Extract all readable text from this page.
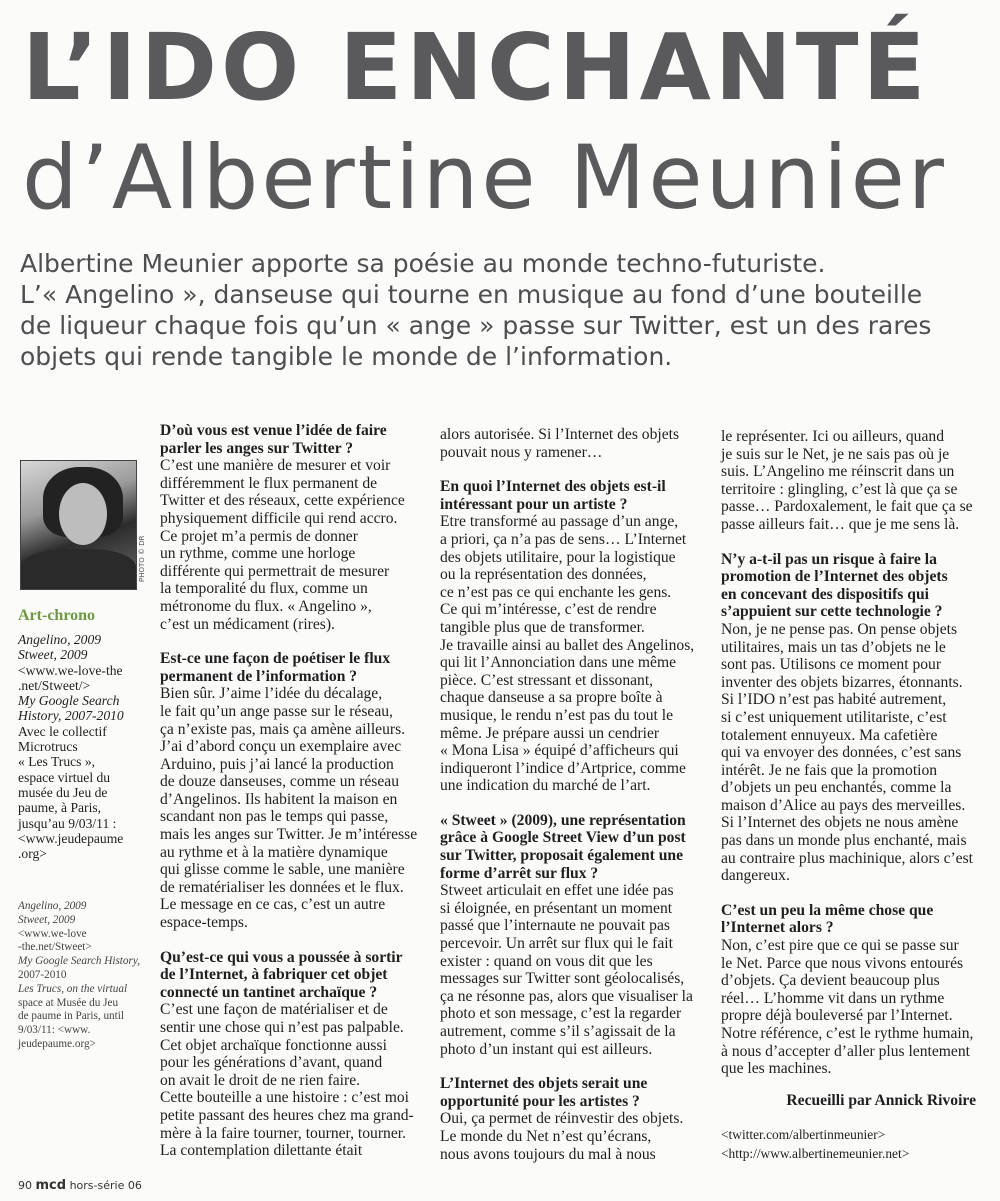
L’IDO ENCHANTÉ
d’Albertine Meunier
Albertine Meunier apporte sa poésie au monde techno-futuriste.
L’« Angelino », danseuse qui tourne en musique au fond d’une bouteille
de liqueur chaque fois qu’un « ange » passe sur Twitter, est un des rares
objets qui rende tangible le monde de l’information.
PHOTO © DR
Art-chrono
Angelino, 2009
Stweet, 2009
<www.we-love-the
.net/Stweet/>
My Google Search
History, 2007-2010
Avec le collectif
Microtrucs
« Les Trucs »,
espace virtuel du
musée du Jeu de
paume, à Paris,
jusqu’au 9/03/11 :
<www.jeudepaume
.org>
Angelino, 2009
Stweet, 2009
<www.we-love
-the.net/Stweet>
My Google Search History,
2007-2010
Les Trucs, on the virtual
space at Musée du Jeu
de paume in Paris, until
9/03/11: <www.
jeudepaume.org>
D’où vous est venue l’idée de faire
parler les anges sur Twitter ?
C’est une manière de mesurer et voir
différemment le flux permanent de
Twitter et des réseaux, cette expérience
physiquement difficile qui rend accro.
Ce projet m’a permis de donner
un rythme, comme une horloge
différente qui permettrait de mesurer
la temporalité du flux, comme un
métronome du flux. « Angelino »,
c’est un médicament (rires).
Est-ce une façon de poétiser le flux
permanent de l’information ?
Bien sûr. J’aime l’idée du décalage,
le fait qu’un ange passe sur le réseau,
ça n’existe pas, mais ça amène ailleurs.
J’ai d’abord conçu un exemplaire avec
Arduino, puis j’ai lancé la production
de douze danseuses, comme un réseau
d’Angelinos. Ils habitent la maison en
scandant non pas le temps qui passe,
mais les anges sur Twitter. Je m’intéresse
au rythme et à la matière dynamique
qui glisse comme le sable, une manière
de rematérialiser les données et le flux.
Le message en ce cas, c’est un autre
espace-temps.
Qu’est-ce qui vous a poussée à sortir
de l’Internet, à fabriquer cet objet
connecté un tantinet archaïque ?
C’est une façon de matérialiser et de
sentir une chose qui n’est pas palpable.
Cet objet archaïque fonctionne aussi
pour les générations d’avant, quand
on avait le droit de ne rien faire.
Cette bouteille a une histoire : c’est moi
petite passant des heures chez ma grand-
mère à la faire tourner, tourner, tourner.
La contemplation dilettante était
alors autorisée. Si l’Internet des objets
pouvait nous y ramener…
En quoi l’Internet des objets est-il
intéressant pour un artiste ?
Etre transformé au passage d’un ange,
a priori, ça n’a pas de sens… L’Internet
des objets utilitaire, pour la logistique
ou la représentation des données,
ce n’est pas ce qui enchante les gens.
Ce qui m’intéresse, c’est de rendre
tangible plus que de transformer.
Je travaille ainsi au ballet des Angelinos,
qui lit l’Annonciation dans une même
pièce. C’est stressant et dissonant,
chaque danseuse a sa propre boîte à
musique, le rendu n’est pas du tout le
même. Je prépare aussi un cendrier
« Mona Lisa » équipé d’afficheurs qui
indiqueront l’indice d’Artprice, comme
une indication du marché de l’art.
« Stweet » (2009), une représentation
grâce à Google Street View d’un post
sur Twitter, proposait également une
forme d’arrêt sur flux ?
Stweet articulait en effet une idée pas
si éloignée, en présentant un moment
passé que l’internaute ne pouvait pas
percevoir. Un arrêt sur flux qui le fait
exister : quand on vous dit que les
messages sur Twitter sont géolocalisés,
ça ne résonne pas, alors que visualiser la
photo et son message, c’est la regarder
autrement, comme s’il s’agissait de la
photo d’un instant qui est ailleurs.
L’Internet des objets serait une
opportunité pour les artistes ?
Oui, ça permet de réinvestir des objets.
Le monde du Net n’est qu’écrans,
nous avons toujours du mal à nous
le représenter. Ici ou ailleurs, quand
je suis sur le Net, je ne sais pas où je
suis. L’Angelino me réinscrit dans un
territoire : glingling, c’est là que ça se
passe… Pardoxalement, le fait que ça se
passe ailleurs fait… que je me sens là.
N’y a-t-il pas un risque à faire la
promotion de l’Internet des objets
en concevant des dispositifs qui
s’appuient sur cette technologie ?
Non, je ne pense pas. On pense objets
utilitaires, mais un tas d’objets ne le
sont pas. Utilisons ce moment pour
inventer des objets bizarres, étonnants.
Si l’IDO n’est pas habité autrement,
si c’est uniquement utilitariste, c’est
totalement ennuyeux. Ma cafetière
qui va envoyer des données, c’est sans
intérêt. Je ne fais que la promotion
d’objets un peu enchantés, comme la
maison d’Alice au pays des merveilles.
Si l’Internet des objets ne nous amène
pas dans un monde plus enchanté, mais
au contraire plus machinique, alors c’est
dangereux.
C’est un peu la même chose que
l’Internet alors ?
Non, c’est pire que ce qui se passe sur
le Net. Parce que nous vivons entourés
d’objets. Ça devient beaucoup plus
réel… L’homme vit dans un rythme
propre déjà bouleversé par l’Internet.
Notre référence, c’est le rythme humain,
à nous d’accepter d’aller plus lentement
que les machines.
Recueilli par Annick Rivoire
<twitter.com/albertinmeunier>
<http://www.albertinemeunier.net>
90 mcd hors-série 06
